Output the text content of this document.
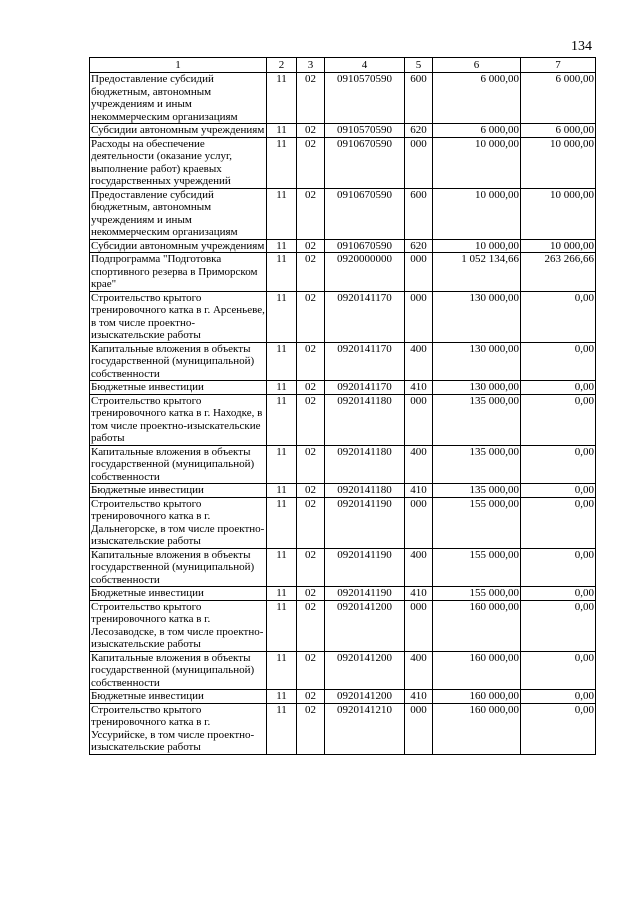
134
1	2	3	4	5	6	7
Предоставление субсидий бюджетным, автономным учреждениям и иным некоммерческим организациям	11	02	0910570590	600	6 000,00	6 000,00
Субсидии автономным учреждениям	11	02	0910570590	620	6 000,00	6 000,00
Расходы на обеспечение деятельности (оказание услуг, выполнение работ) краевых государственных учреждений	11	02	0910670590	000	10 000,00	10 000,00
Предоставление субсидий бюджетным, автономным учреждениям и иным некоммерческим организациям	11	02	0910670590	600	10 000,00	10 000,00
Субсидии автономным учреждениям	11	02	0910670590	620	10 000,00	10 000,00
Подпрограмма "Подготовка спортивного резерва в Приморском крае"	11	02	0920000000	000	1 052 134,66	263 266,66
Строительство крытого тренировочного катка в г. Арсеньеве, в том числе проектно-изыскательские работы	11	02	0920141170	000	130 000,00	0,00
Капитальные вложения в объекты государственной (муниципальной) собственности	11	02	0920141170	400	130 000,00	0,00
Бюджетные инвестиции	11	02	0920141170	410	130 000,00	0,00
Строительство крытого тренировочного катка в г. Находке, в том числе проектно-изыскательские работы	11	02	0920141180	000	135 000,00	0,00
Капитальные вложения в объекты государственной (муниципальной) собственности	11	02	0920141180	400	135 000,00	0,00
Бюджетные инвестиции	11	02	0920141180	410	135 000,00	0,00
Строительство крытого тренировочного катка в г. Дальнегорске, в том числе проектно-изыскательские работы	11	02	0920141190	000	155 000,00	0,00
Капитальные вложения в объекты государственной (муниципальной) собственности	11	02	0920141190	400	155 000,00	0,00
Бюджетные инвестиции	11	02	0920141190	410	155 000,00	0,00
Строительство крытого тренировочного катка в г. Лесозаводске, в том числе проектно-изыскательские работы	11	02	0920141200	000	160 000,00	0,00
Капитальные вложения в объекты государственной (муниципальной) собственности	11	02	0920141200	400	160 000,00	0,00
Бюджетные инвестиции	11	02	0920141200	410	160 000,00	0,00
Строительство крытого тренировочного катка в г. Уссурийске, в том числе проектно-изыскательские работы	11	02	0920141210	000	160 000,00	0,00
